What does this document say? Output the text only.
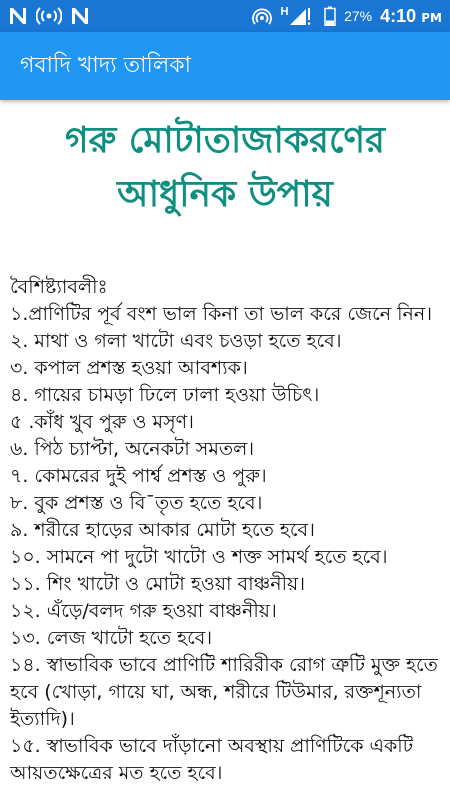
27% 4:10 PM
গবাদি খাদ্য তালিকা
গরু মোটাতাজাকরণের আধুনিক উপায়
বৈশিষ্ট্যাবলীঃ
১.প্রাণিটির পূর্ব বংশ ভাল কিনা তা ভাল করে জেনে নিন।
২. মাথা ও গলা খাটো এবং চওড়া হতে হবে।
৩. কপাল প্রশস্ত হওয়া আবশ্যক।
৪. গায়ের চামড়া ঢিলে ঢালা হওয়া উচিৎ।
৫ .কাঁধ খুব পুরু ও মসৃণ।
৬. পিঠ চ্যাপ্টা, অনেকটা সমতল।
৭. কোমরের দুই পার্শ্ব প্রশস্ত ও পুরু।
৮. বুক প্রশস্ত ও বি¯তৃত হতে হবে।
৯. শরীরে হাড়ের আকার মোটা হতে হবে।
১০. সামনে পা দুটো খাটো ও শক্ত সামর্থ হতে হবে।
১১. শিং খাটো ও মোটা হওয়া বাঞ্চনীয়।
১২. এঁড়ে/বলদ গরু হওয়া বাঞ্চনীয়।
১৩. লেজ খাটো হতে হবে।
১৪. স্বাভাবিক ভাবে প্রাণিটি শারিরীক রোগ ত্রুটি মুক্ত হতে হবে (খোড়া, গায়ে ঘা, অন্ধ, শরীরে টিউমার, রক্তশূন্যতা ইত্যাদি)।
১৫. স্বাভাবিক ভাবে দাঁড়ানো অবস্থায় প্রাণিটিকে একটি আয়তক্ষেত্রের মত হতে হবে।
